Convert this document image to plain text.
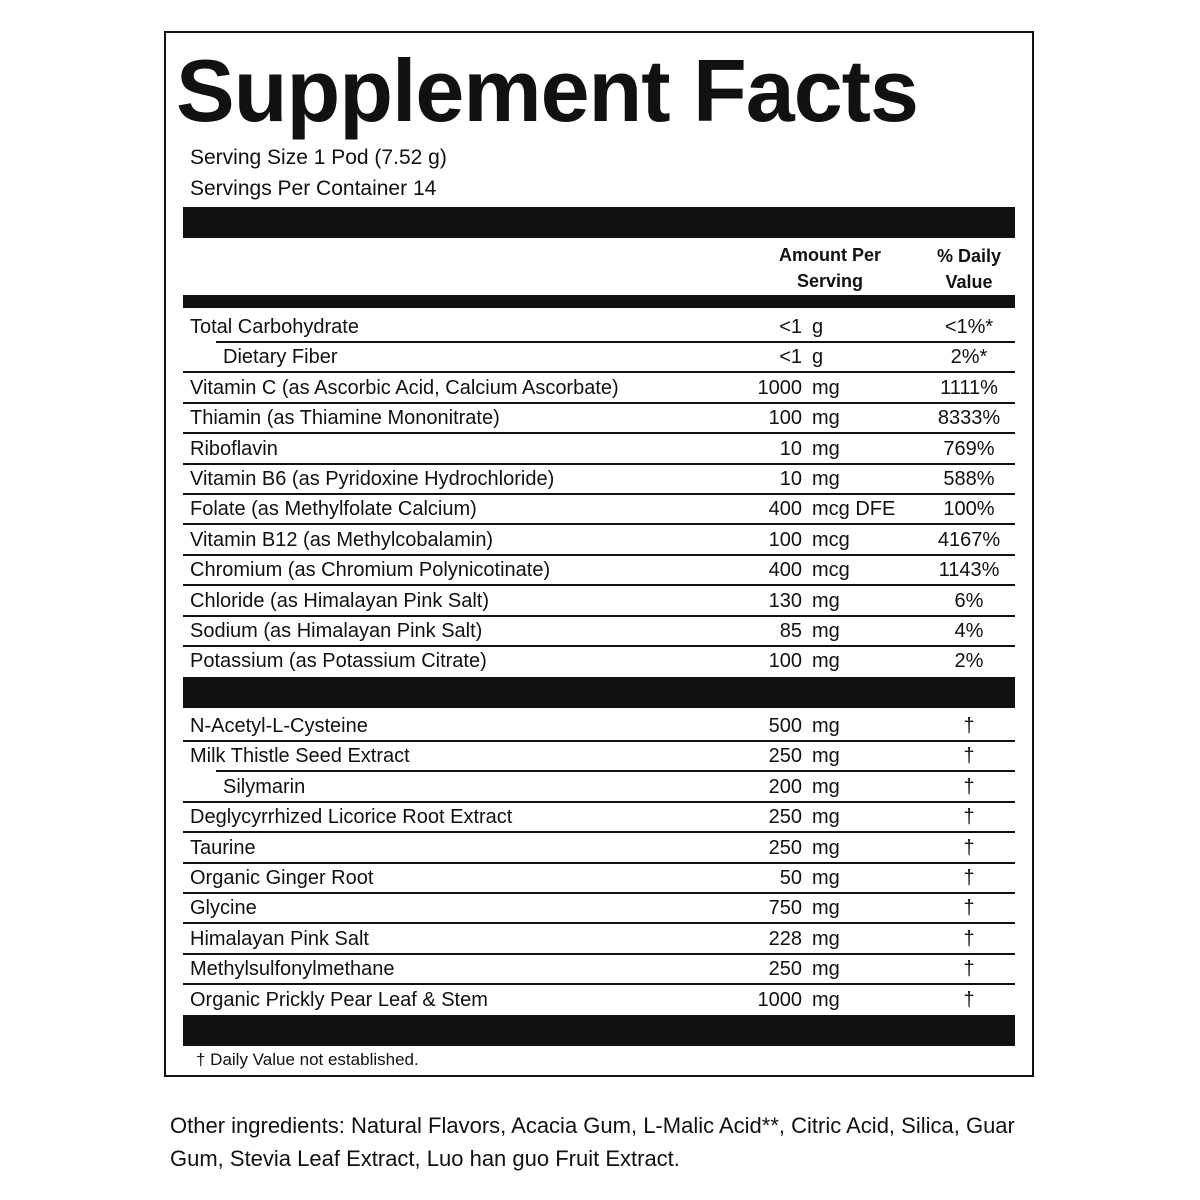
Supplement Facts
Serving Size 1 Pod (7.52 g)
Servings Per Container 14
Amount Per
Serving
% Daily
Value
Total Carbohydrate	<1 g	<1%*
Dietary Fiber	<1 g	2%*
Vitamin C (as Ascorbic Acid, Calcium Ascorbate)	1000 mg	1111%
Thiamin (as Thiamine Mononitrate)	100 mg	8333%
Riboflavin	10 mg	769%
Vitamin B6 (as Pyridoxine Hydrochloride)	10 mg	588%
Folate (as Methylfolate Calcium)	400 mcg DFE	100%
Vitamin B12 (as Methylcobalamin)	100 mcg	4167%
Chromium (as Chromium Polynicotinate)	400 mcg	1143%
Chloride (as Himalayan Pink Salt)	130 mg	6%
Sodium (as Himalayan Pink Salt)	85 mg	4%
Potassium (as Potassium Citrate)	100 mg	2%
N-Acetyl-L-Cysteine	500 mg	†
Milk Thistle Seed Extract	250 mg	†
Silymarin	200 mg	†
Deglycyrrhized Licorice Root Extract	250 mg	†
Taurine	250 mg	†
Organic Ginger Root	50 mg	†
Glycine	750 mg	†
Himalayan Pink Salt	228 mg	†
Methylsulfonylmethane	250 mg	†
Organic Prickly Pear Leaf & Stem	1000 mg	†
† Daily Value not established.
Other ingredients: Natural Flavors, Acacia Gum, L-Malic Acid**, Citric Acid, Silica, Guar Gum, Stevia Leaf Extract, Luo han guo Fruit Extract.
